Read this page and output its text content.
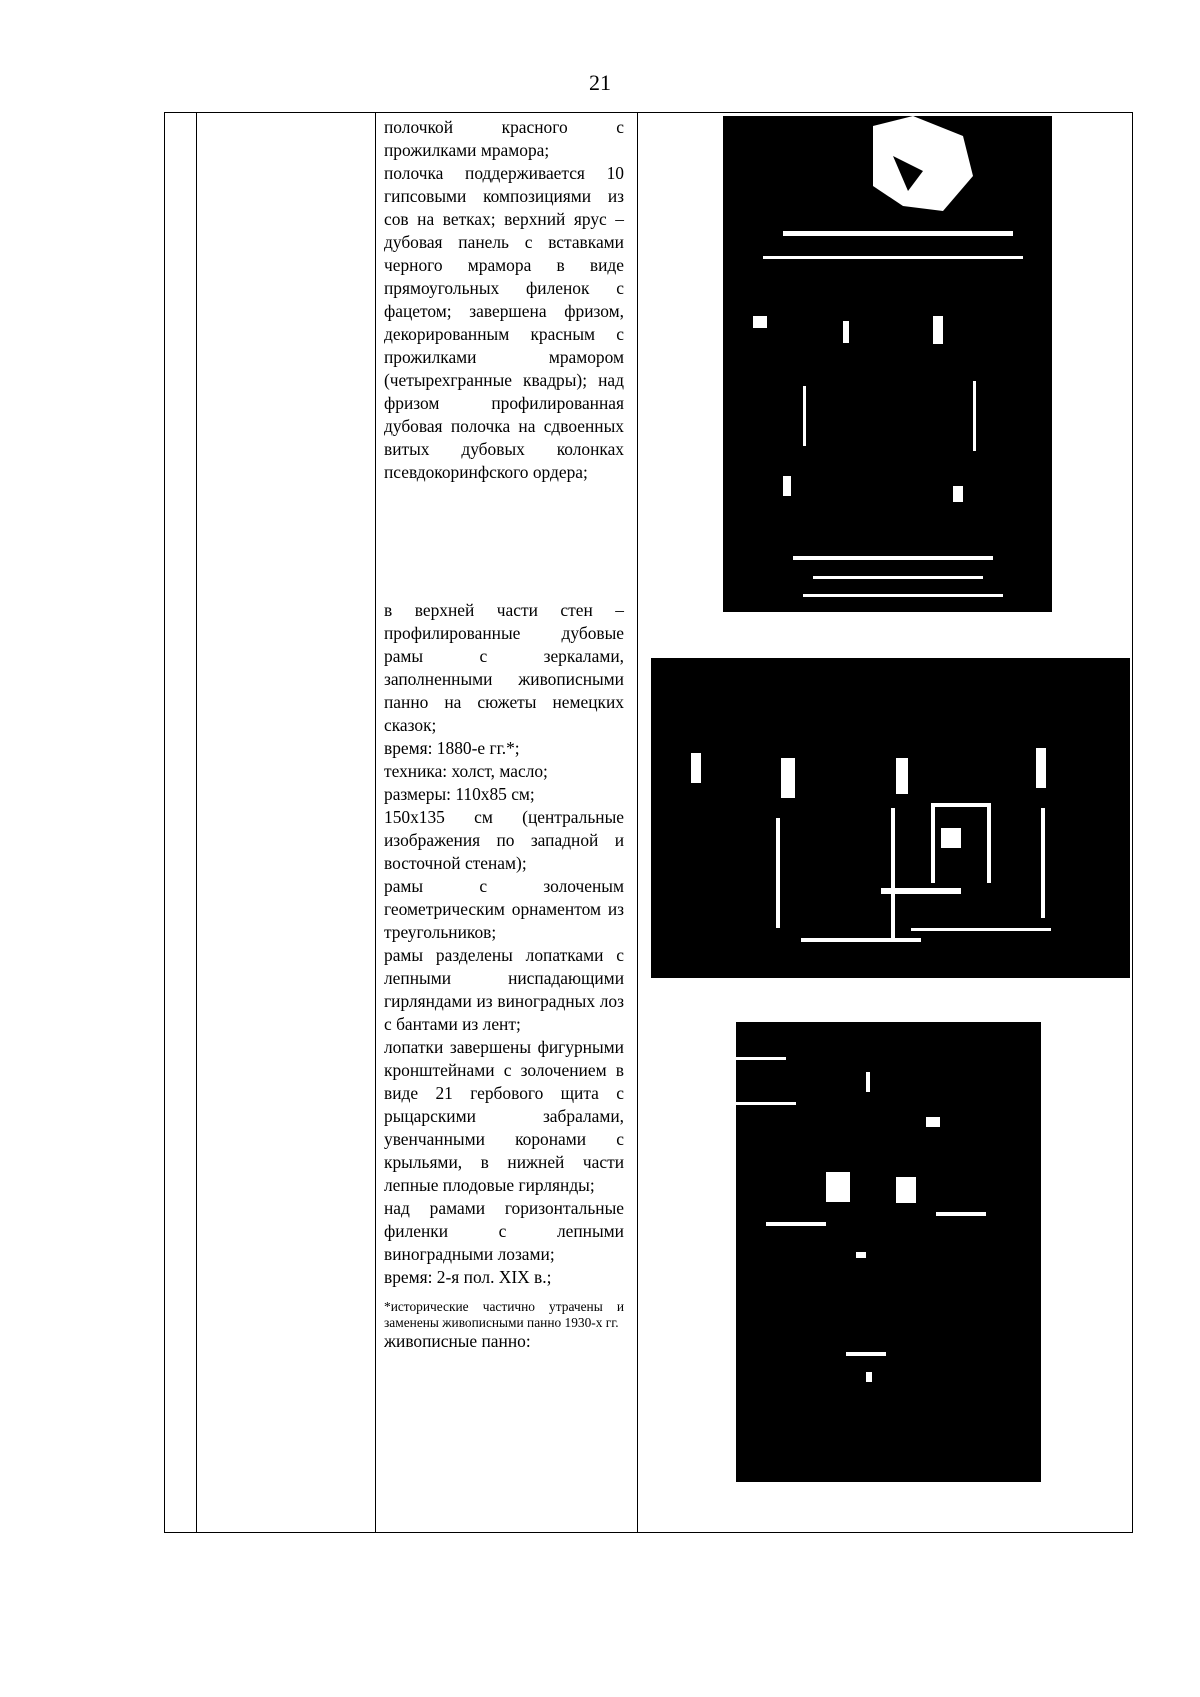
21

полочкой красного с прожилками мрамора;

полочка поддерживается 10 гипсовыми композициями из сов на ветках; верхний ярус – дубовая панель с вставками черного мрамора в виде прямоугольных филенок с фацетом; завершена фризом, декорированным красным с прожилками мрамором (четырехгранные квадры); над фризом профилированная дубовая полочка на сдвоенных витых дубовых колонках псевдокоринфского ордера;

в верхней части стен – профилированные дубовые рамы с зеркалами, заполненными живописными панно на сюжеты немецких сказок;

время: 1880-е гг.*;

техника: холст, масло;

размеры: 110х85 см;

150х135 см (центральные изображения по западной и восточной стенам);

рамы с золоченым геометрическим орнаментом из треугольников;

рамы разделены лопатками с лепными ниспадающими гирляндами из виноградных лоз с бантами из лент;

лопатки завершены фигурными кронштейнами с золочением в виде 21 гербового щита с рыцарскими забралами, увенчанными коронами с крыльями, в нижней части лепные плодовые гирлянды;

над рамами горизонтальные филенки с лепными виноградными лозами;

время: 2-я пол. XIX в.;

*исторические частично утрачены и заменены живописными панно 1930-х гг.

живописные панно:
